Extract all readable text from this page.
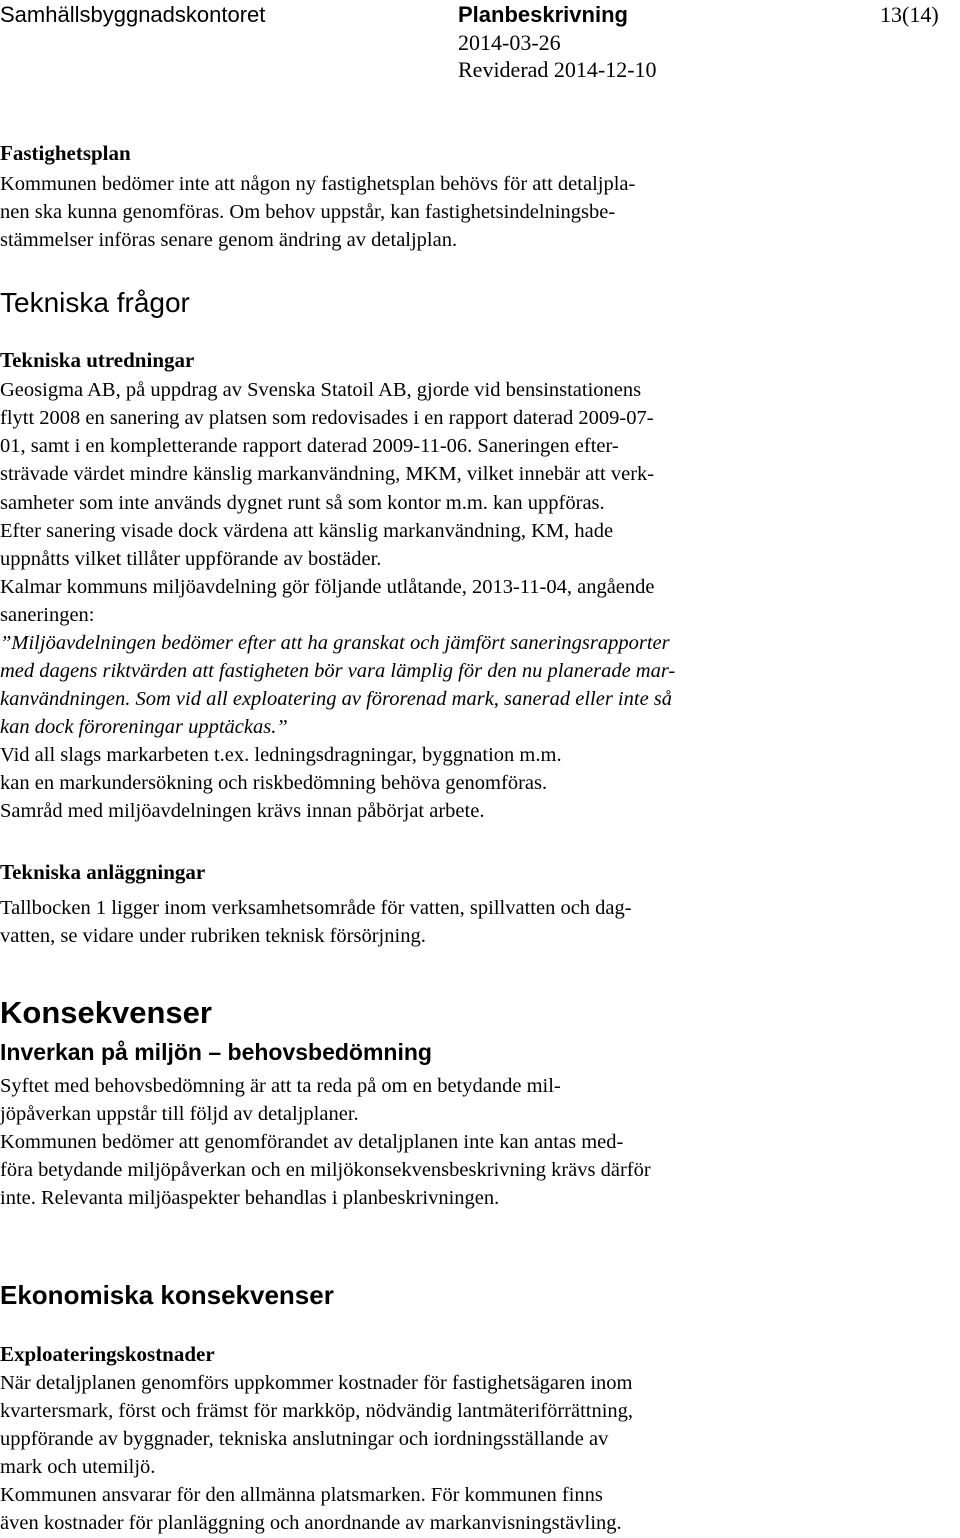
Samhällsbyggnadskontoret	Planbeskrivning
2014-03-26
Reviderad 2014-12-10
13(14)
Fastighetsplan
Kommunen bedömer inte att någon ny fastighetsplan behövs för att detaljpla-
nen ska kunna genomföras. Om behov uppstår, kan fastighetsindelningsbe-
stämmelser införas senare genom ändring av detaljplan.
Tekniska frågor
Tekniska utredningar
Geosigma AB, på uppdrag av Svenska Statoil AB, gjorde vid bensinstationens
flytt 2008 en sanering av platsen som redovisades i en rapport daterad 2009-07-
01, samt i en kompletterande rapport daterad 2009-11-06. Saneringen efter-
strävade värdet mindre känslig markanvändning, MKM, vilket innebär att verk-
samheter som inte används dygnet runt så som kontor m.m. kan uppföras.
Efter sanering visade dock värdena att känslig markanvändning, KM, hade
uppnåtts vilket tillåter uppförande av bostäder.
Kalmar kommuns miljöavdelning gör följande utlåtande, 2013-11-04, angående
saneringen:
”Miljöavdelningen bedömer efter att ha granskat och jämfört saneringsrapporter
med dagens riktvärden att fastigheten bör vara lämplig för den nu planerade mar-
kanvändningen. Som vid all exploatering av förorenad mark, sanerad eller inte så
kan dock föroreningar upptäckas.”
Vid all slags markarbeten t.ex. ledningsdragningar, byggnation m.m.
kan en markundersökning och riskbedömning behöva genomföras.
Samråd med miljöavdelningen krävs innan påbörjat arbete.
Tekniska anläggningar
Tallbocken 1 ligger inom verksamhetsområde för vatten, spillvatten och dag-
vatten, se vidare under rubriken teknisk försörjning.
Konsekvenser
Inverkan på miljön – behovsbedömning
Syftet med behovsbedömning är att ta reda på om en betydande mil-
jöpåverkan uppstår till följd av detaljplaner.
Kommunen bedömer att genomförandet av detaljplanen inte kan antas med-
föra betydande miljöpåverkan och en miljökonsekvensbeskrivning krävs därför
inte. Relevanta miljöaspekter behandlas i planbeskrivningen.
Ekonomiska konsekvenser
Exploateringskostnader
När detaljplanen genomförs uppkommer kostnader för fastighetsägaren inom
kvartersmark, först och främst för markköp, nödvändig lantmäteriförrättning,
uppförande av byggnader, tekniska anslutningar och iordningsställande av
mark och utemiljö.
Kommunen ansvarar för den allmänna platsmarken. För kommunen finns
även kostnader för planläggning och anordnande av markanvisningstävling.
